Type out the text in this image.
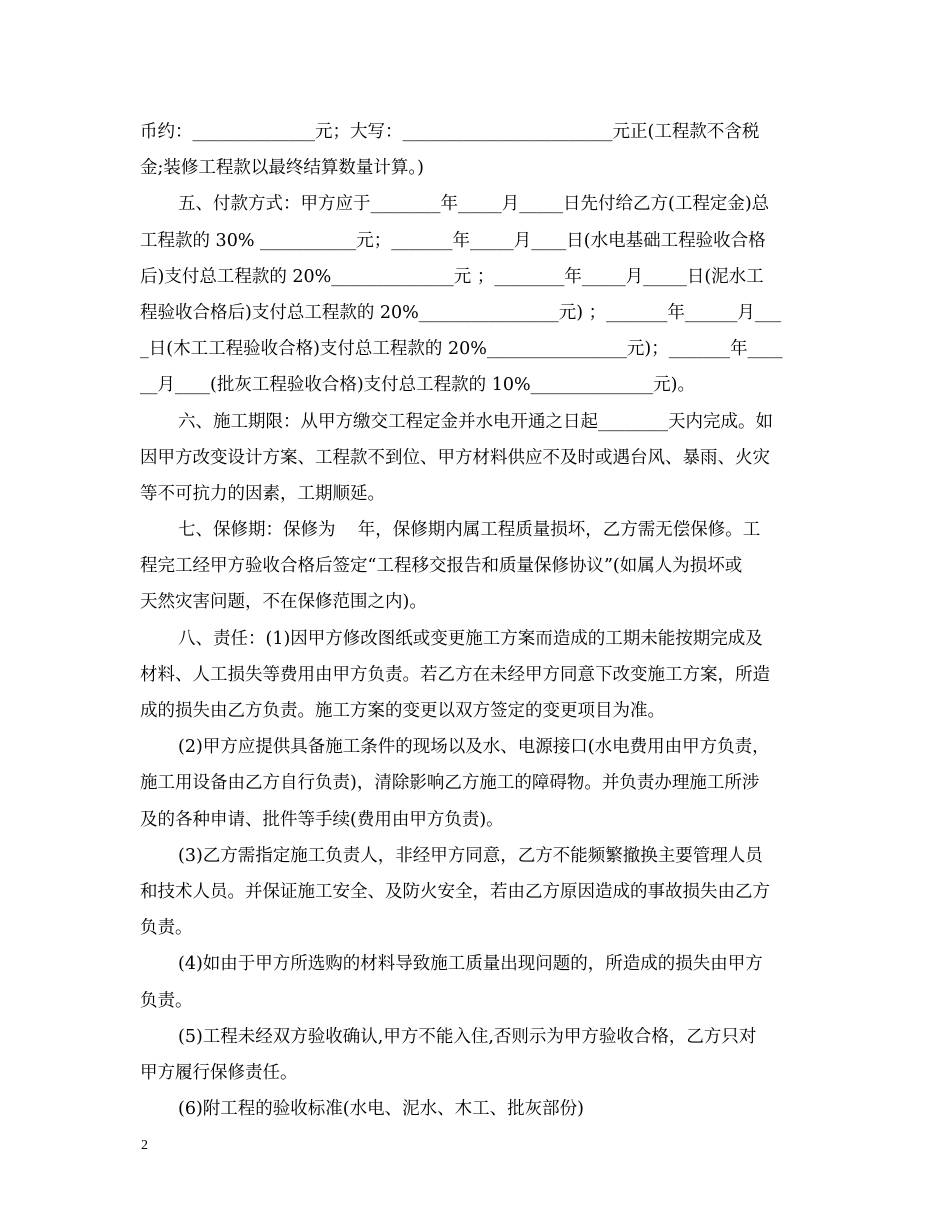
币约：______________元；大写：________________________元正(工程款不含税
金;装修工程款以最终结算数量计算。)
五、付款方式：甲方应于________年_____月_____日先付给乙方(工程定金)总
工程款的 30% ___________元；_______年_____月____日(水电基础工程验收合格
后)支付总工程款的 20%______________元 ；________年_____月_____日(泥水工
程验收合格后)支付总工程款的 20%________________元) ；_______年______月___
_日(木工工程验收合格)支付总工程款的 20%________________元)；_______年____
__月____(批灰工程验收合格)支付总工程款的 10%______________元)。
六、施工期限：从甲方缴交工程定金并水电开通之日起________天内完成。如
因甲方改变设计方案、工程款不到位、甲方材料供应不及时或遇台风、暴雨、火灾
等不可抗力的因素，工期顺延。
七、保修期：保修为    年，保修期内属工程质量损坏，乙方需无偿保修。工
程完工经甲方验收合格后签定“工程移交报告和质量保修协议”(如属人为损坏或
天然灾害问题，不在保修范围之内)。
八、责任：(1)因甲方修改图纸或变更施工方案而造成的工期未能按期完成及
材料、人工损失等费用由甲方负责。若乙方在未经甲方同意下改变施工方案，所造
成的损失由乙方负责。施工方案的变更以双方签定的变更项目为准。
(2)甲方应提供具备施工条件的现场以及水、电源接口(水电费用由甲方负责，
施工用设备由乙方自行负责)，清除影响乙方施工的障碍物。并负责办理施工所涉
及的各种申请、批件等手续(费用由甲方负责)。
(3)乙方需指定施工负责人，非经甲方同意，乙方不能频繁撤换主要管理人员
和技术人员。并保证施工安全、及防火安全，若由乙方原因造成的事故损失由乙方
负责。
(4)如由于甲方所选购的材料导致施工质量出现问题的，所造成的损失由甲方
负责。
(5)工程未经双方验收确认,甲方不能入住,否则示为甲方验收合格，乙方只对
甲方履行保修责任。
(6)附工程的验收标准(水电、泥水、木工、批灰部份)
2
